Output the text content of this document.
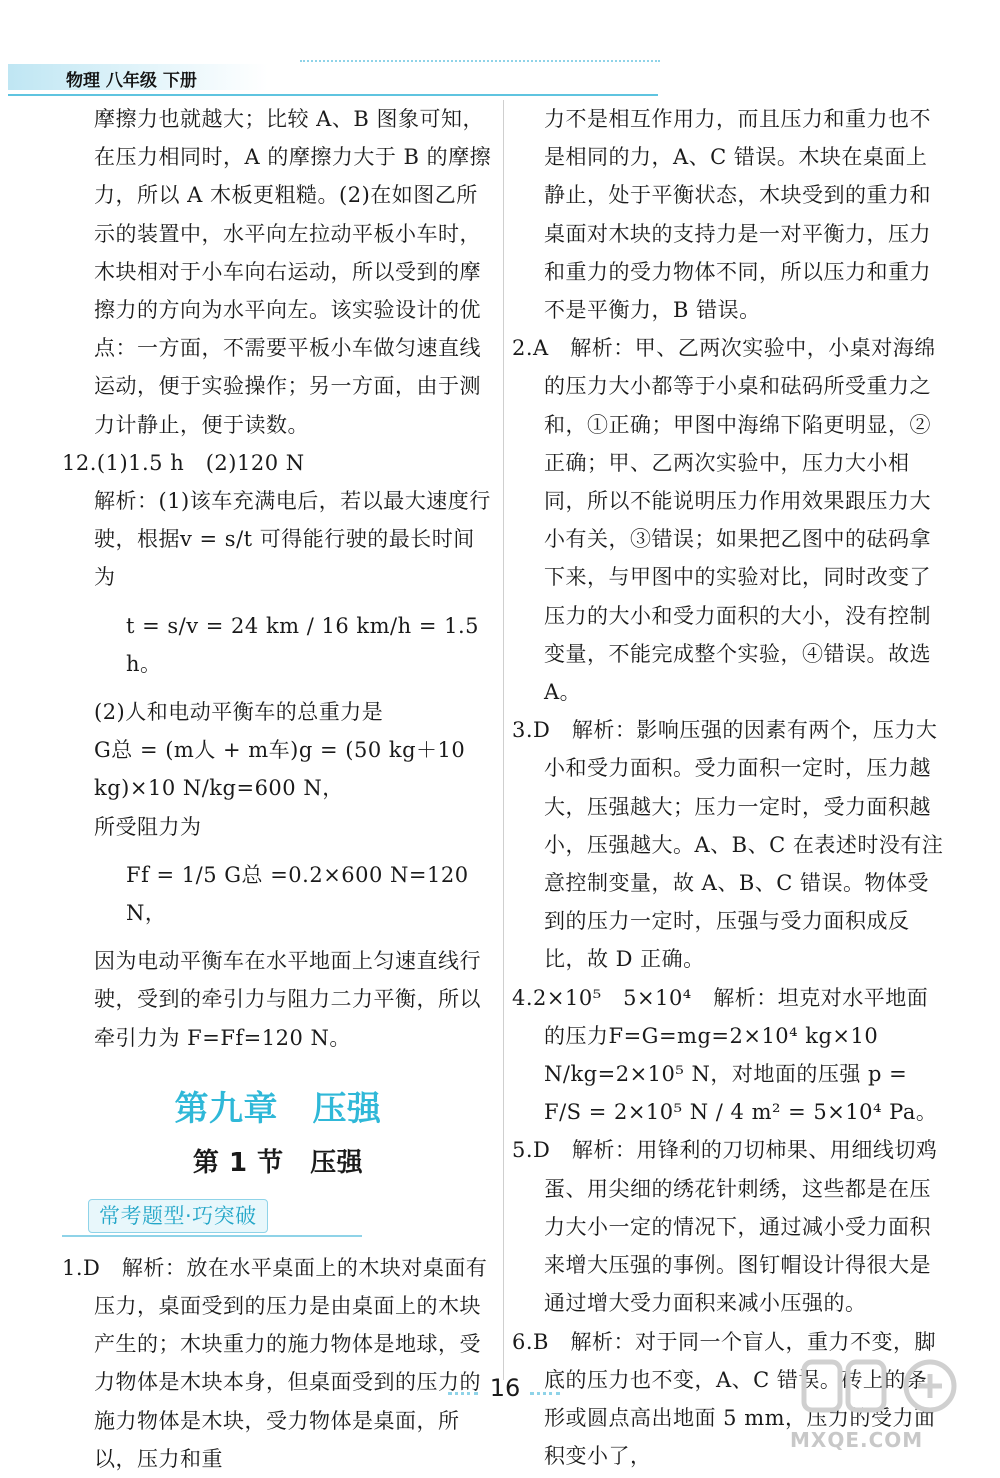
物理 八年级 下册

摩擦力也就越大；比较 A、B 图象可知，在压力相同时，A 的摩擦力大于 B 的摩擦力，所以 A 木板更粗糙。(2)在如图乙所示的装置中，水平向左拉动平板小车时，木块相对于小车向右运动，所以受到的摩擦力的方向为水平向左。该实验设计的优点：一方面，不需要平板小车做匀速直线运动，便于实验操作；另一方面，由于测力计静止，便于读数。

12.(1)1.5 h　(2)120 N

解析：(1)该车充满电后，若以最大速度行驶，根据v = s/t 可得能行驶的最长时间为

t = s/v = 24 km / 16 km/h = 1.5 h。

(2)人和电动平衡车的总重力是

G总 = (m人 + m车)g = (50 kg＋10 kg)×10 N/kg=600 N，

所受阻力为

Ff = 1/5 G总 =0.2×600 N=120 N，

因为电动平衡车在水平地面上匀速直线行驶，受到的牵引力与阻力二力平衡，所以牵引力为 F=Ff=120 N。

第九章　压强
第 1 节　压强
常考题型·巧突破

1.D　解析：放在水平桌面上的木块对桌面有压力，桌面受到的压力是由桌面上的木块产生的；木块重力的施力物体是地球，受力物体是木块本身，但桌面受到的压力的施力物体是木块，受力物体是桌面，所以，压力和重

力不是相互作用力，而且压力和重力也不是相同的力，A、C 错误。木块在桌面上静止，处于平衡状态，木块受到的重力和桌面对木块的支持力是一对平衡力，压力和重力的受力物体不同，所以压力和重力不是平衡力，B 错误。

2.A　解析：甲、乙两次实验中，小桌对海绵的压力大小都等于小桌和砝码所受重力之和，①正确；甲图中海绵下陷更明显，②正确；甲、乙两次实验中，压力大小相同，所以不能说明压力作用效果跟压力大小有关，③错误；如果把乙图中的砝码拿下来，与甲图中的实验对比，同时改变了压力的大小和受力面积的大小，没有控制变量，不能完成整个实验，④错误。故选 A。

3.D　解析：影响压强的因素有两个，压力大小和受力面积。受力面积一定时，压力越大，压强越大；压力一定时，受力面积越小，压强越大。A、B、C 在表述时没有注意控制变量，故 A、B、C 错误。物体受到的压力一定时，压强与受力面积成反比，故 D 正确。

4.2×10⁵　5×10⁴　解析：坦克对水平地面的压力F=G=mg=2×10⁴ kg×10 N/kg=2×10⁵ N，对地面的压强 p = F/S = 2×10⁵ N / 4 m² = 5×10⁴ Pa。

5.D　解析：用锋利的刀切柿果、用细线切鸡蛋、用尖细的绣花针刺绣，这些都是在压力大小一定的情况下，通过减小受力面积来增大压强的事例。图钉帽设计得很大是通过增大受力面积来减小压强的。

6.B　解析：对于同一个盲人，重力不变，脚底的压力也不变，A、C 错误。砖上的条形或圆点高出地面 5 mm，压力的受力面积变小了，

16
MXQE.COM
